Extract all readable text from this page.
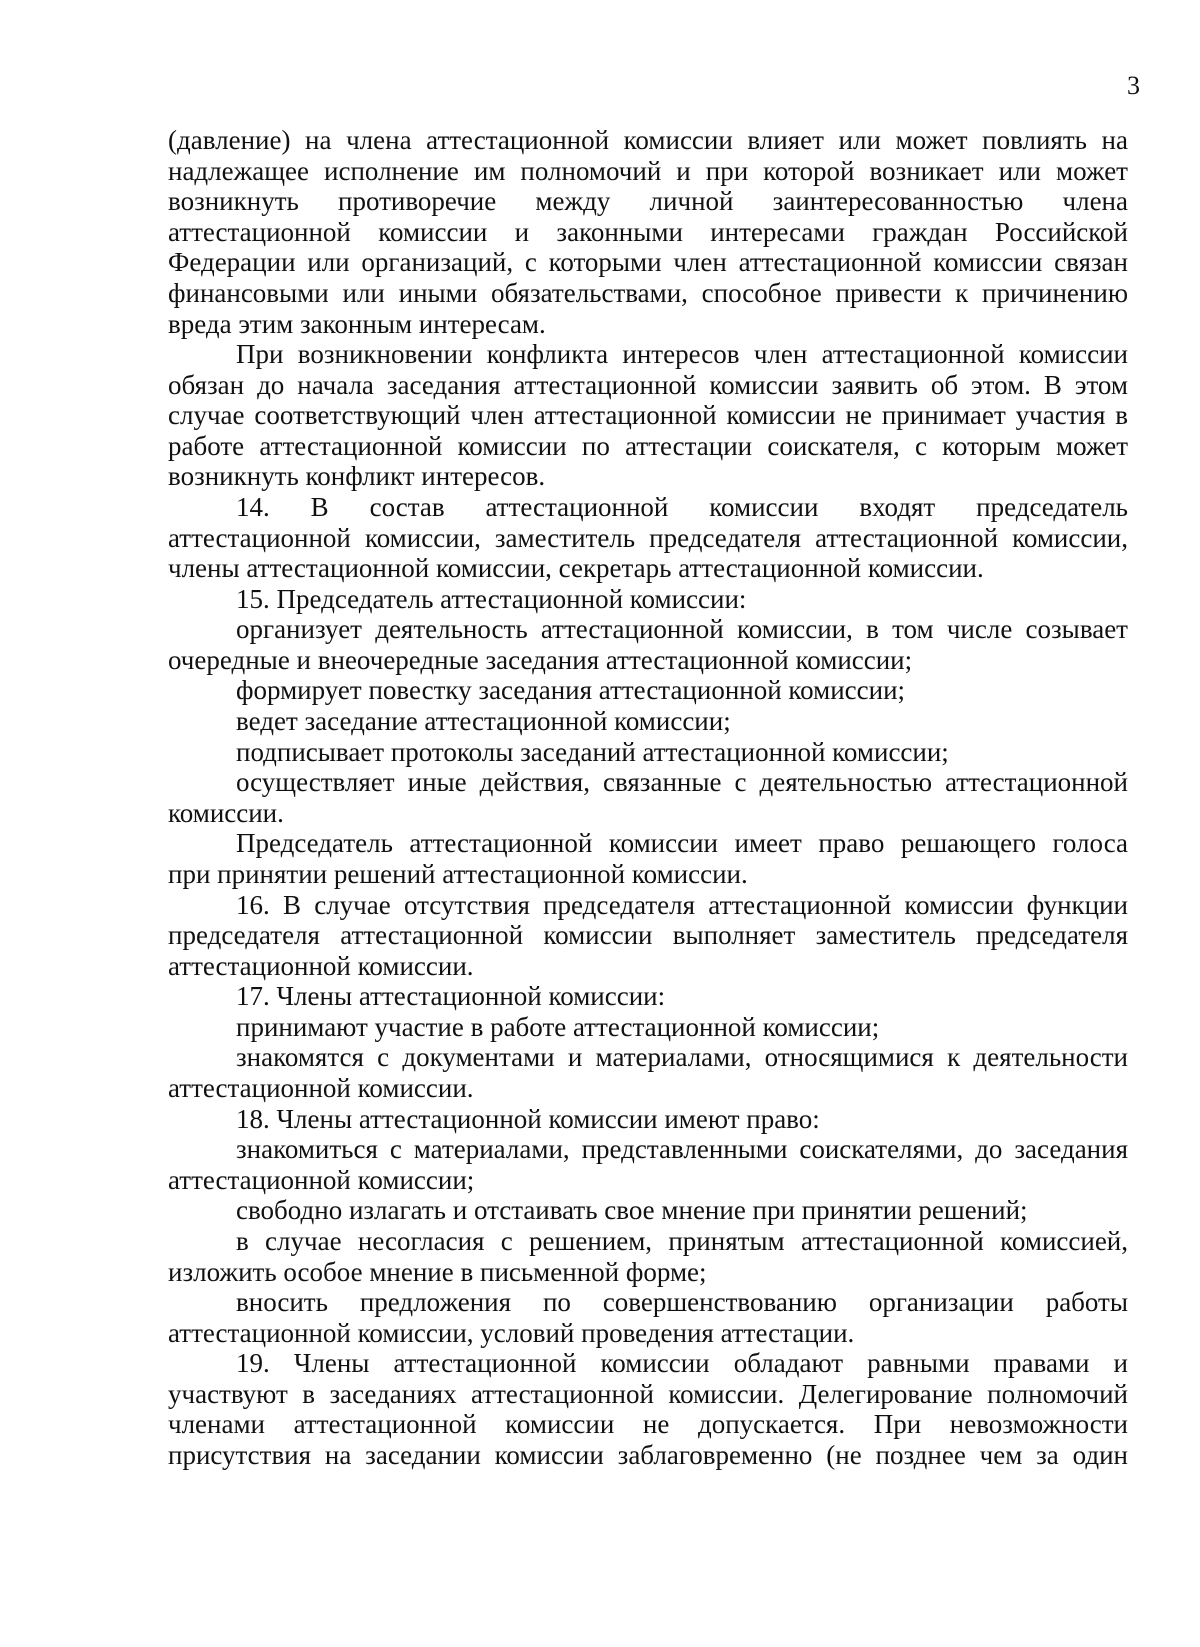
3
(давление) на члена аттестационной комиссии влияет или может повлиять на
надлежащее исполнение им полномочий и при которой возникает или может
возникнуть противоречие между личной заинтересованностью члена
аттестационной комиссии и законными интересами граждан Российской
Федерации или организаций, с которыми член аттестационной комиссии связан
финансовыми или иными обязательствами, способное привести к причинению
вреда этим законным интересам.
При возникновении конфликта интересов член аттестационной комиссии
обязан до начала заседания аттестационной комиссии заявить об этом. В этом
случае соответствующий член аттестационной комиссии не принимает участия в
работе аттестационной комиссии по аттестации соискателя, с которым может
возникнуть конфликт интересов.
14. В состав аттестационной комиссии входят председатель
аттестационной комиссии, заместитель председателя аттестационной комиссии,
члены аттестационной комиссии, секретарь аттестационной комиссии.
15. Председатель аттестационной комиссии:
организует деятельность аттестационной комиссии, в том числе созывает
очередные и внеочередные заседания аттестационной комиссии;
формирует повестку заседания аттестационной комиссии;
ведет заседание аттестационной комиссии;
подписывает протоколы заседаний аттестационной комиссии;
осуществляет иные действия, связанные с деятельностью аттестационной
комиссии.
Председатель аттестационной комиссии имеет право решающего голоса
при принятии решений аттестационной комиссии.
16. В случае отсутствия председателя аттестационной комиссии функции
председателя аттестационной комиссии выполняет заместитель председателя
аттестационной комиссии.
17. Члены аттестационной комиссии:
принимают участие в работе аттестационной комиссии;
знакомятся с документами и материалами, относящимися к деятельности
аттестационной комиссии.
18. Члены аттестационной комиссии имеют право:
знакомиться с материалами, представленными соискателями, до заседания
аттестационной комиссии;
свободно излагать и отстаивать свое мнение при принятии решений;
в случае несогласия с решением, принятым аттестационной комиссией,
изложить особое мнение в письменной форме;
вносить предложения по совершенствованию организации работы
аттестационной комиссии, условий проведения аттестации.
19. Члены аттестационной комиссии обладают равными правами и
участвуют в заседаниях аттестационной комиссии. Делегирование полномочий
членами аттестационной комиссии не допускается. При невозможности
присутствия на заседании комиссии заблаговременно (не позднее чем за один
